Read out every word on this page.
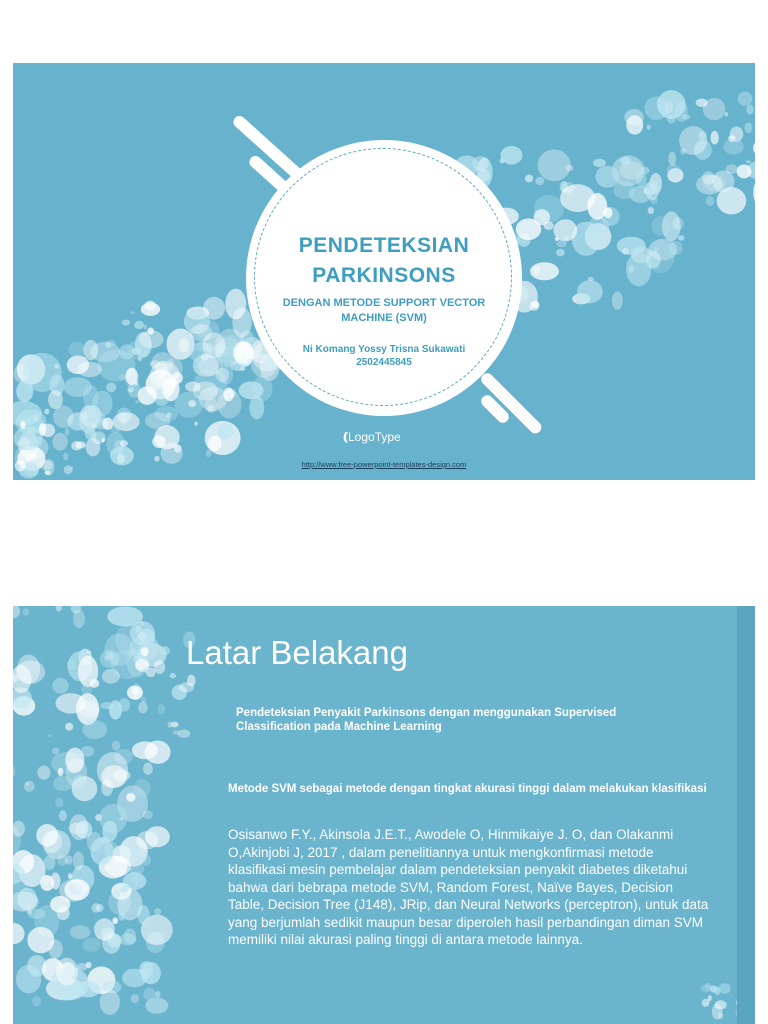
PENDETEKSIAN
PARKINSONS
DENGAN METODE SUPPORT VECTOR MACHINE (SVM)
Ni Komang Yossy Trisna Sukawati
2502445845
((( LogoType
http://www.free-powerpoint-templates-design.com
Latar Belakang
Pendeteksian Penyakit Parkinsons dengan menggunakan Supervised Classification pada Machine Learning
Metode SVM sebagai metode dengan tingkat akurasi tinggi dalam melakukan klasifikasi
Osisanwo F.Y., Akinsola J.E.T., Awodele O, Hinmikaiye J. O, dan Olakanmi O,Akinjobi J, 2017 , dalam penelitiannya untuk mengkonfirmasi metode klasifikasi mesin pembelajar dalam pendeteksian penyakit diabetes diketahui bahwa dari bebrapa metode SVM, Random Forest, Naïve Bayes, Decision Table, Decision Tree (J148), JRip, dan Neural Networks (perceptron), untuk data yang berjumlah sedikit maupun besar diperoleh hasil perbandingan diman SVM memiliki nilai akurasi paling tinggi di antara metode lainnya.
